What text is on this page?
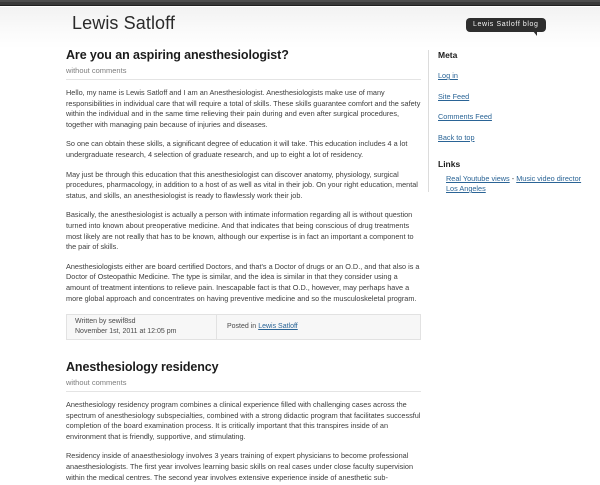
Lewis Satloff	Lewis Satloff blog
Are you an aspiring anesthesiologist?
without comments

Hello, my name is Lewis Satloff and I am an Anesthesiologist. Anesthesiologists make use of many responsibilities in individual care that will require a total of skills. These skills guarantee comfort and the safety within the individual and in the same time relieving their pain during and even after surgical procedures, together with managing pain because of injuries and diseases.

So one can obtain these skills, a significant degree of education it will take. This education includes 4 a lot undergraduate research, 4 selection of graduate research, and up to eight a lot of residency.

May just be through this education that this anesthesiologist can discover anatomy, physiology, surgical procedures, pharmacology, in addition to a host of as well as vital in their job. On your right education, mental status, and skills, an anesthesiologist is ready to flawlessly work their job.

Basically, the anesthesiologist is actually a person with intimate information regarding all is without question turned into known about preoperative medicine. And that indicates that being conscious of drug treatments most likely are not really that has to be known, although our expertise is in fact an important a component to the pair of skills.

Anesthesiologists either are board certified Doctors, and that's a Doctor of drugs or an O.D., and that also is a Doctor of Osteopathic Medicine. The type is similar, and the idea is similar in that they consider using a amount of treatment intentions to relieve pain. Inescapable fact is that O.D., however, may perhaps have a more global approach and concentrates on having preventive medicine and so the musculoskeletal program.

Written by sewif8sd
November 1st, 2011 at 12:05 pm
Posted in Lewis Satloff
Anesthesiology residency
without comments

Anesthesiology residency program combines a clinical experience filled with challenging cases across the spectrum of anesthesiology subspecialties, combined with a strong didactic program that facilitates successful completion of the board examination process. It is critically important that this transpires inside of an environment that is friendly, supportive, and stimulating.

Residency inside of anaesthesiology involves 3 years training of expert physicians to become professional anaesthesiologists. The first year involves learning basic skills on real cases under close faculty supervision within the medical centres. The second year involves extensive experience inside of anesthetic sub-

Meta
Log in
Site Feed
Comments Feed
Back to top
Links

Real Youtube views - Music video director Los Angeles
